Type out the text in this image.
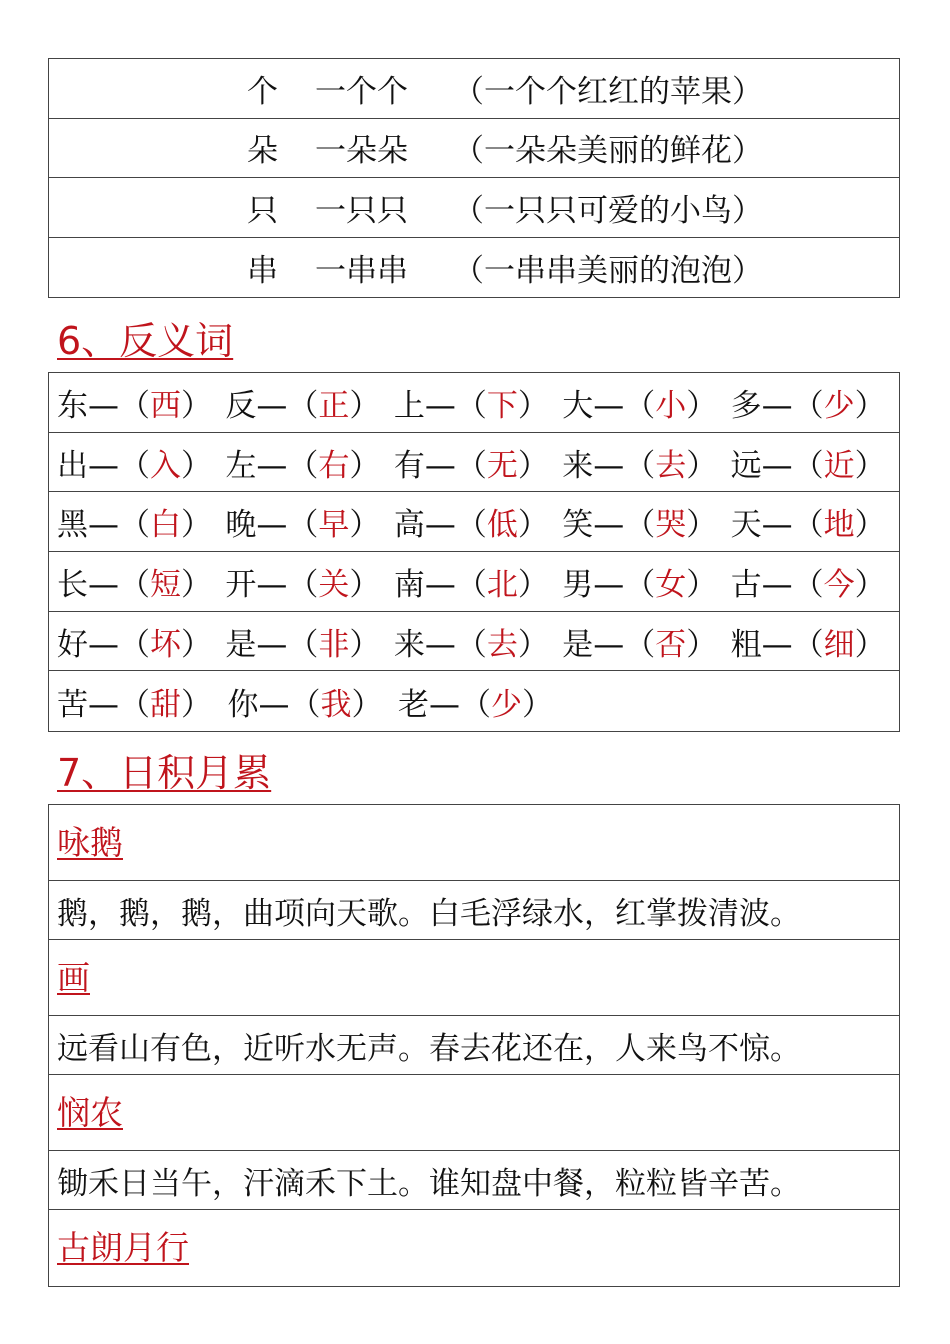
个 一个个 （一个个红红的苹果）
朵 一朵朵 （一朵朵美丽的鲜花）
只 一只只 （一只只可爱的小鸟）
串 一串串 （一串串美丽的泡泡）
6、反义词
东—（西） 反—（正） 上—（下） 大—（小） 多—（少）
出—（入） 左—（右） 有—（无） 来—（去） 远—（近）
黑—（白） 晚—（早） 高—（低） 笑—（哭） 天—（地）
长—（短） 开—（关） 南—（北） 男—（女） 古—（今）
好—（坏） 是—（非） 来—（去） 是—（否） 粗—（细）
苦—（甜） 你—（我） 老—（少）
7、日积月累
咏鹅
鹅，鹅，鹅，曲项向天歌。白毛浮绿水，红掌拨清波。
画
远看山有色，近听水无声。春去花还在，人来鸟不惊。
悯农
锄禾日当午，汗滴禾下土。谁知盘中餐，粒粒皆辛苦。
古朗月行
